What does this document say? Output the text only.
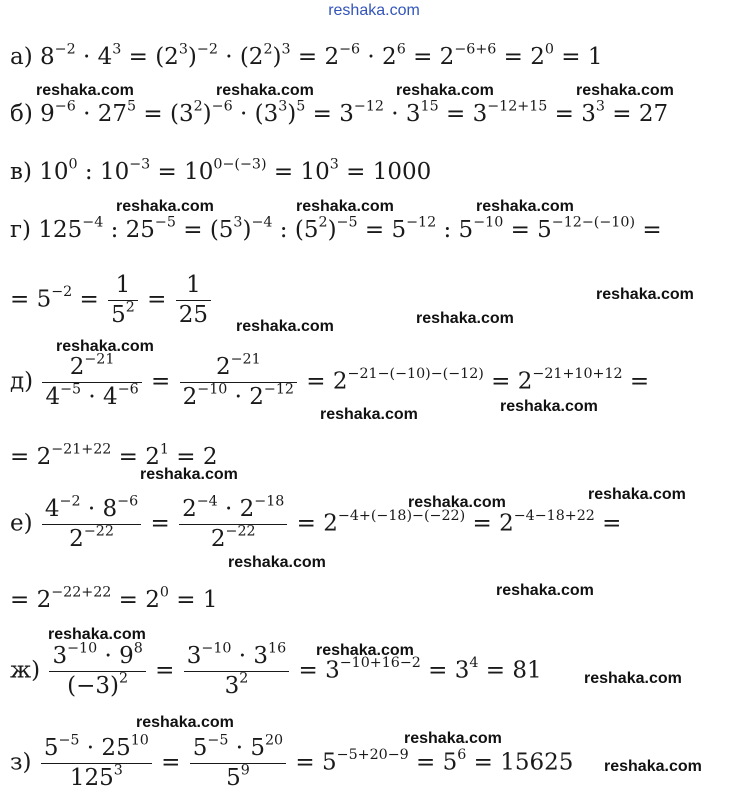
reshaka.com
а) $8^{-2} \cdot 4^3 = (2^3)^{-2} \cdot (2^2)^3 = 2^{-6} \cdot 2^6 = 2^{-6+6} = 2^0 = 1$
б) $9^{-6} \cdot 27^5 = (3^2)^{-6} \cdot (3^3)^5 = 3^{-12} \cdot 3^{15} = 3^{-12+15} = 3^3 = 27$
в) $10^0$ : $10^{-3} = 10^{0-(-3)} = 10^3 = 1000$
г) $125^{-4}$ : $25^{-5} = (5^3)^{-4}$ : $(5^2)^{-5} = 5^{-12}$ : $5^{-10} = 5^{-12-(-10)}$ =
= $5^{-2} = \frac{1}{5^2} = \frac{1}{25}$
$д) \frac{2^{-21}}{4^{-5} \cdot 4^{-6}} = \frac{2^{-21}}{2^{-10} \cdot 2^{-12}} = 2^{-21-(-10)-(-12)} = 2^{-21+10+12}$ =
= $2^{-21+22} = 2^1 = 2$
$е) \frac{4^{-2} \cdot 8^{-6}}{2^{-22}} = \frac{2^{-4} \cdot 2^{-18}}{2^{-22}} = 2^{-4+(-18)-(-22)} = 2^{-4-18+22}$ =
= $2^{-22+22} = 2^0 = 1$
$ж) \frac{3^{-10} \cdot 9^8}{(-3)^2} = \frac{3^{-10} \cdot 3^{16}}{3^2} = 3^{-10+16-2} = 3^4 = 81$
$з) \frac{5^{-5} \cdot 25^{10}}{125^3} = \frac{5^{-5} \cdot 5^{20}}{5^9} = 5^{-5+20-9} = 5^6 = 15625$
reshaka.com	reshaka.com	reshaka.com	reshaka.com
reshaka.com	reshaka.com	reshaka.com
reshaka.com
reshaka.com	reshaka.com
reshaka.com
reshaka.com	reshaka.com
reshaka.com
reshaka.com	reshaka.com
reshaka.com
reshaka.com
reshaka.com
reshaka.com
reshaka.com
reshaka.com
reshaka.com
reshaka.com
